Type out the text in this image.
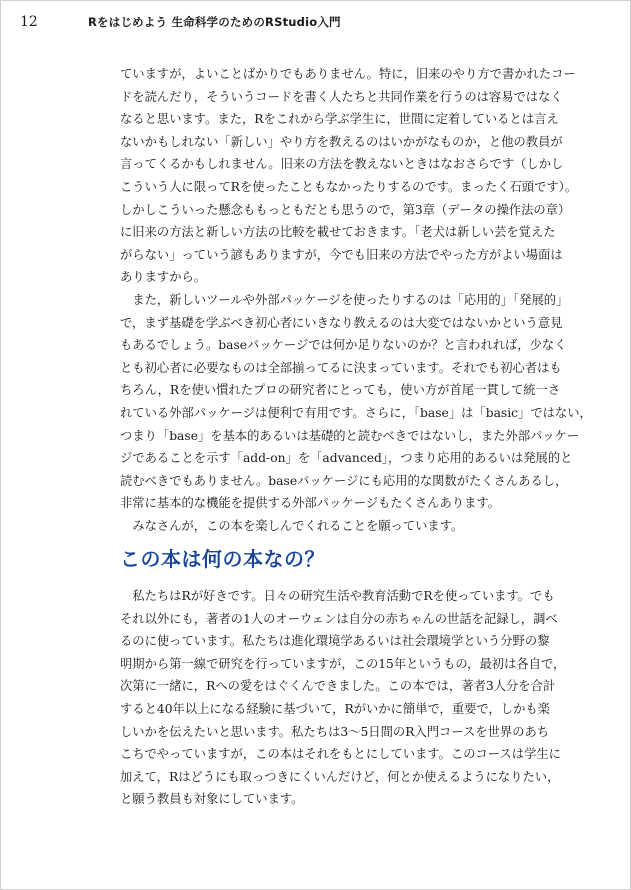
12	Rをはじめよう 生命科学のためのRStudio入門
ていますが，よいことばかりでもありません。特に，旧来のやり方で書かれたコー
ドを読んだり，そういうコードを書く人たちと共同作業を行うのは容易ではなく
なると思います。また，Rをこれから学ぶ学生に，世間に定着しているとは言え
ないかもしれない「新しい」やり方を教えるのはいかがなものか，と他の教員が
言ってくるかもしれません。旧来の方法を教えないときはなおさらです（しかし
こういう人に限ってRを使ったこともなかったりするのです。まったく石頭です）。
しかしこういった懸念ももっともだとも思うので，第3章（データの操作法の章）
に旧来の方法と新しい方法の比較を載せておきます。「老犬は新しい芸を覚えた
がらない」っていう諺もありますが，今でも旧来の方法でやった方がよい場面は
ありますから。
　また，新しいツールや外部パッケージを使ったりするのは「応用的」「発展的」
で，まず基礎を学ぶべき初心者にいきなり教えるのは大変ではないかという意見
もあるでしょう。baseパッケージでは何か足りないのか？と言われれば，少なく
とも初心者に必要なものは全部揃ってるに決まっています。それでも初心者はも
ちろん，Rを使い慣れたプロの研究者にとっても，使い方が首尾一貫して統一さ
れている外部パッケージは便利で有用です。さらに，「base」は「basic」ではない，
つまり「base」を基本的あるいは基礎的と読むべきではないし，また外部パッケー
ジであることを示す「add-on」を「advanced」，つまり応用的あるいは発展的と
読むべきでもありません。baseパッケージにも応用的な関数がたくさんあるし，
非常に基本的な機能を提供する外部パッケージもたくさんあります。
　みなさんが，この本を楽しんでくれることを願っています。
この本は何の本なの？
　私たちはRが好きです。日々の研究生活や教育活動でRを使っています。でも
それ以外にも，著者の1人のオーウェンは自分の赤ちゃんの世話を記録し，調べ
るのに使っています。私たちは進化環境学あるいは社会環境学という分野の黎
明期から第一線で研究を行っていますが，この15年というもの，最初は各自で，
次第に一緒に，Rへの愛をはぐくんできました。この本では，著者3人分を合計
すると40年以上になる経験に基づいて，Rがいかに簡単で，重要で，しかも楽
しいかを伝えたいと思います。私たちは3～5日間のR入門コースを世界のあち
こちでやっていますが，この本はそれをもとにしています。このコースは学生に
加えて，Rはどうにも取っつきにくいんだけど，何とか使えるようになりたい，
と願う教員も対象にしています。
